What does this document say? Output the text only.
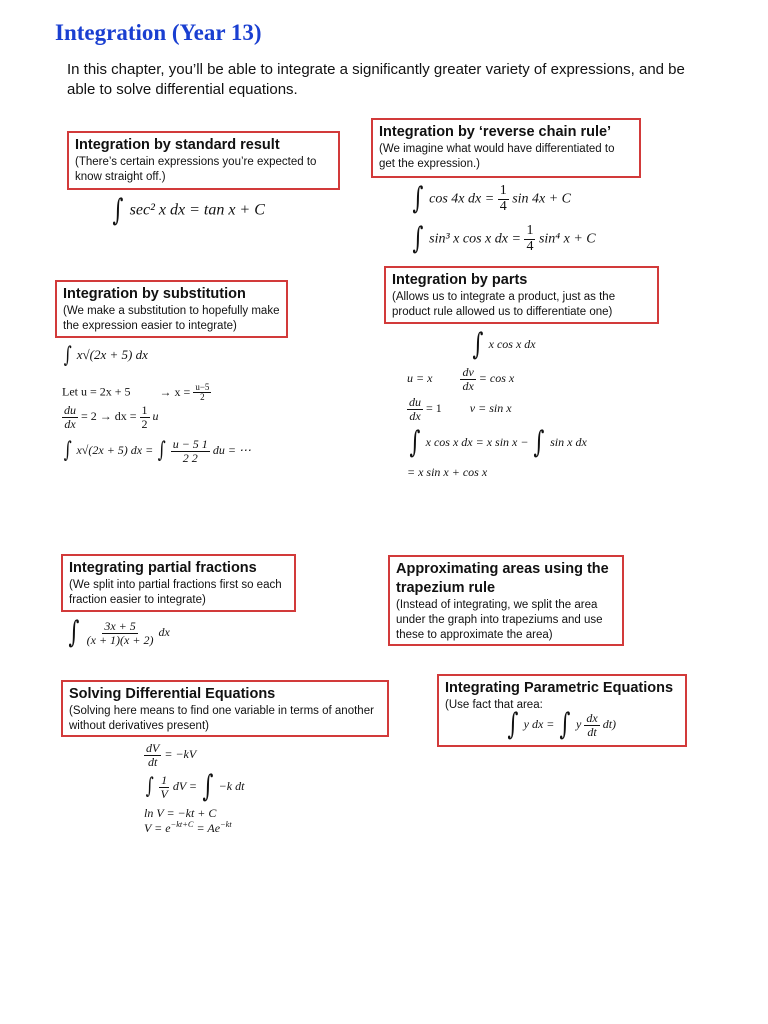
Integration (Year 13)
In this chapter, you’ll be able to integrate a significantly greater variety of expressions, and be able to solve differential equations.
Integration by standard result
(There’s certain expressions you’re expected to know straight off.)
∫ sec² x dx = tan x + C
Integration by ‘reverse chain rule’
(We imagine what would have differentiated to get the expression.)
∫ cos 4x dx = $\frac{1}{4}$ sin 4x + C
∫ sin³ x cos x dx = $\frac{1}{4} \sin^4$ x + C
Integration by substitution
(We make a substitution to hopefully make the expression easier to integrate)
∫ x√(2x + 5) dx
Let $u = 2x + 5 \to x = \frac{u-5}{2}$
$\frac{du}{dx} = 2$ → dx = $\frac{1}{2}$ u
∫ x√(2x + 5) dx = ∫ $\frac{u - 5 1}{2 2}$ du = ⋯
Integration by parts
(Allows us to integrate a product, just as the product rule allowed us to differentiate one)
∫ x cos x dx
u = x $\frac{dv}{dx} = \cos x$
$\frac{du}{dx} = 1$ v = sin x
∫ x cos x dx = x sin x − ∫ sin x dx
= x sin x + cos x
Integrating partial fractions
(We split into partial fractions first so each fraction easier to integrate)
∫ $\frac{3x + 5}{(x + 1)(x + 2)}$ dx
Approximating areas using the trapezium rule
(Instead of integrating, we split the area under the graph into trapeziums and use these to approximate the area)
Solving Differential Equations
(Solving here means to find one variable in terms of another without derivatives present)
$\frac{dV}{dt} = -kV$
∫ $\frac{1}{V}$ dV = ∫ −k dt
ln V = −kt + C
$V = e^{-kt+C} = Ae^{-kt}$
Integrating Parametric Equations
(Use fact that area:
∫ y dx = ∫ y $\frac{dx}{dt} dt$)
